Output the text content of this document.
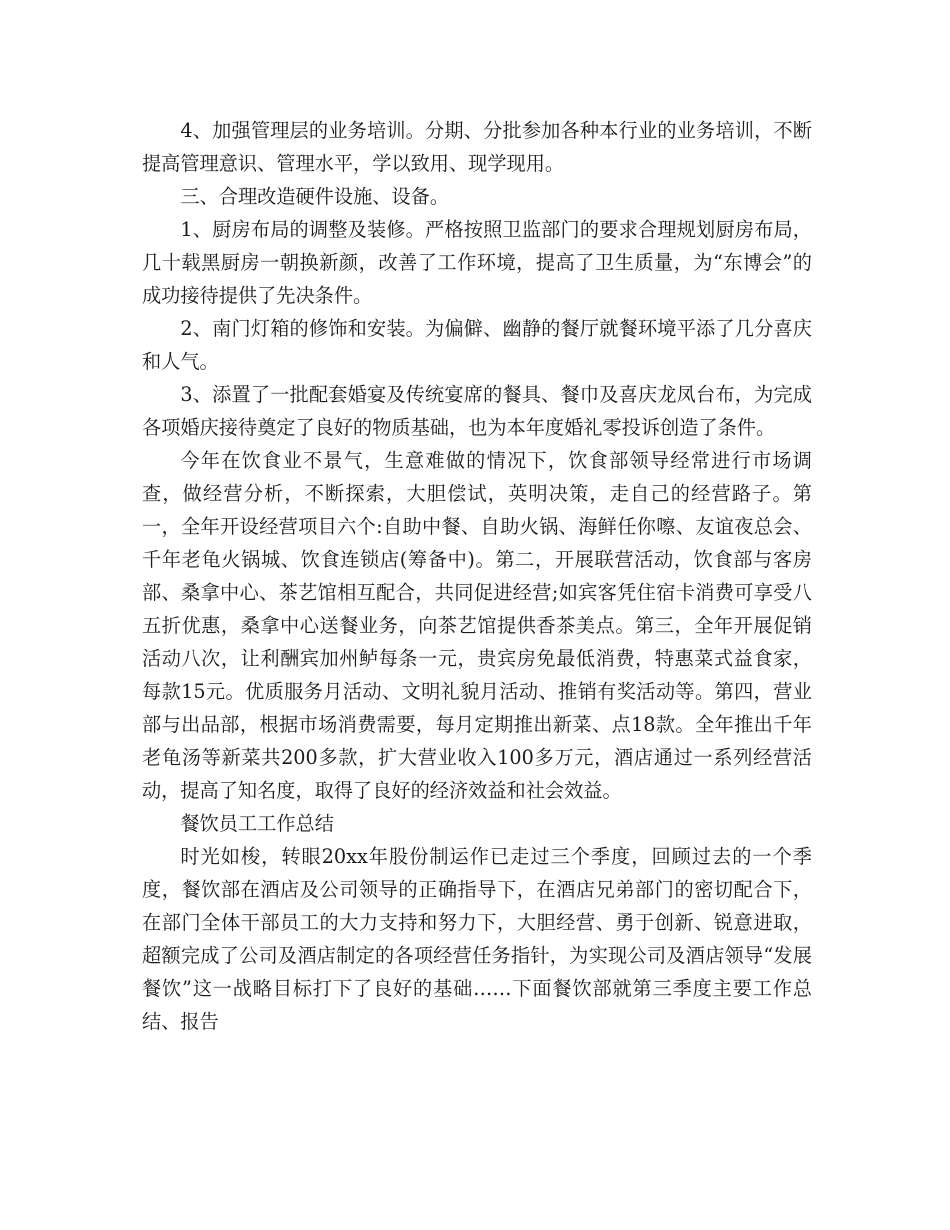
4、加强管理层的业务培训。分期、分批参加各种本行业的业务培训，不断提高管理意识、管理水平，学以致用、现学现用。

三、合理改造硬件设施、设备。

1、厨房布局的调整及装修。严格按照卫监部门的要求合理规划厨房布局，几十载黑厨房一朝换新颜，改善了工作环境，提高了卫生质量，为“东博会”的成功接待提供了先决条件。

2、南门灯箱的修饰和安装。为偏僻、幽静的餐厅就餐环境平添了几分喜庆和人气。

3、添置了一批配套婚宴及传统宴席的餐具、餐巾及喜庆龙凤台布，为完成各项婚庆接待奠定了良好的物质基础，也为本年度婚礼零投诉创造了条件。

今年在饮食业不景气，生意难做的情况下，饮食部领导经常进行市场调查，做经营分析，不断探索，大胆偿试，英明决策，走自己的经营路子。第一，全年开设经营项目六个:自助中餐、自助火锅、海鲜任你嚓、友谊夜总会、千年老龟火锅城、饮食连锁店(筹备中)。第二，开展联营活动，饮食部与客房部、桑拿中心、茶艺馆相互配合，共同促进经营;如宾客凭住宿卡消费可享受八五折优惠，桑拿中心送餐业务，向茶艺馆提供香茶美点。第三，全年开展促销活动八次，让利酬宾加州鲈每条一元，贵宾房免最低消费，特惠菜式益食家，每款15元。优质服务月活动、文明礼貌月活动、推销有奖活动等。第四，营业部与出品部，根据市场消费需要，每月定期推出新菜、点18款。全年推出千年老龟汤等新菜共200多款，扩大营业收入100多万元，酒店通过一系列经营活动，提高了知名度，取得了良好的经济效益和社会效益。

餐饮员工工作总结

时光如梭，转眼20xx年股份制运作已走过三个季度，回顾过去的一个季度，餐饮部在酒店及公司领导的正确指导下，在酒店兄弟部门的密切配合下，在部门全体干部员工的大力支持和努力下，大胆经营、勇于创新、锐意进取，超额完成了公司及酒店制定的各项经营任务指针，为实现公司及酒店领导“发展餐饮”这一战略目标打下了良好的基础……下面餐饮部就第三季度主要工作总结、报告
